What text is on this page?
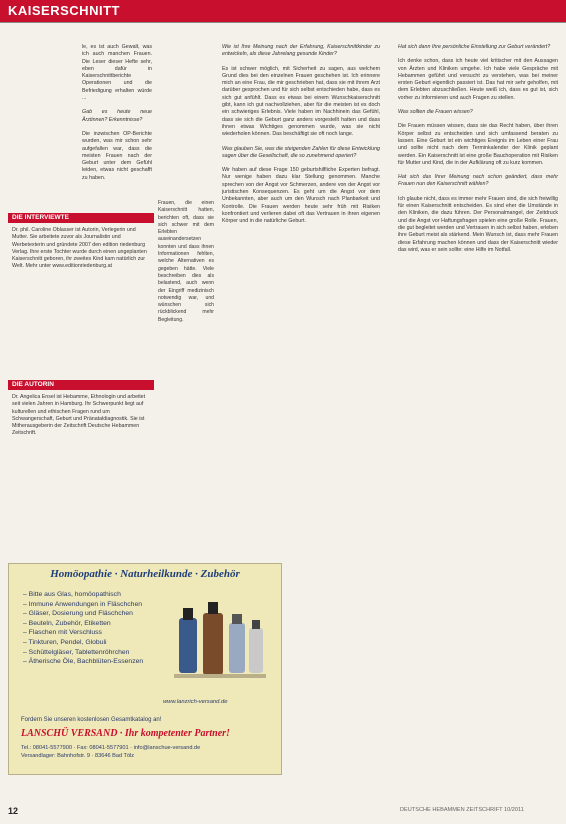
KAISERSCHNITT

le, es ist auch Gewalt, was ich auch manchen Frauen. Die Leser dieser Hefte sehr, eben dafür in Kaiserschnittberichte Operationen und die Befriedigung erhalten würde ...

Gab es heute neue Ärztinnen? Erkenntnisse?

Die inzwischen OP-Berichte wurden, was mir schon sehr aufgefallen war, dass die meisten Frauen nach der Geburt unter dem Gefühl leiden, etwas nicht geschafft zu haben.

DIE INTERVIEWTE
Dr. phil. Caroline Oblasser ist Autorin, Verlegerin und Mutter. Sie arbeitete zuvor als Journalistin und Werbetexterin und gründete 2007 den edition riedenburg Verlag. Ihre erste Tochter wurde durch einen ungeplanten Kaiserschnitt geboren, ihr zweites Kind kam natürlich zur Welt. Mehr unter www.editionriedenburg.at
DIE AUTORIN
Dr. Angelica Ensel ist Hebamme, Ethnologin und arbeitet seit vielen Jahren in Hamburg. Ihr Schwerpunkt liegt auf kulturellen und ethischen Fragen rund um Schwangerschaft, Geburt und Pränataldiagnostik. Sie ist Mitherausgeberin der Zeitschrift Deutsche Hebammen Zeitschrift.

Frauen, die einen Kaiserschnitt hatten, berichten oft, dass sie sich schwer mit dem Erlebten auseinandersetzen konnten und dass ihnen Informationen fehlten, welche Alternativen es gegeben hätte. Viele beschreiben dies als belastend, auch wenn der Eingriff medizinisch notwendig war, und wünschen sich rückblickend mehr Begleitung.

Wie ist Ihre Meinung nach der Erfahrung, Kaiserschnittkinder zu entwickeln, als diese Jahrelang gesunde Kinder?

Es ist schwer möglich, mit Sicherheit zu sagen, aus welchem Grund dies bei den einzelnen Frauen geschehen ist. Ich erinnere mich an eine Frau, die mir geschrieben hat, dass sie mit ihrem Arzt darüber gesprochen und für sich selbst entschieden habe, dass es sich gut anfühlt. Dass es etwas bei einem Wunschkaiserschnitt gibt, kann ich gut nachvollziehen, aber für die meisten ist es doch ein schwieriges Erlebnis. Viele haben im Nachhinein das Gefühl, dass sie sich die Geburt ganz anders vorgestellt hatten und dass ihnen etwas Wichtiges genommen wurde, was sie nicht wiederholen können. Das beschäftigt sie oft noch lange.

Was glauben Sie, was die steigenden Zahlen für diese Entwicklung sagen über die Gesellschaft, die so zunehmend operiert?

Wir haben auf diese Frage 150 geburtshilfliche Experten befragt. Nur wenige haben dazu klar Stellung genommen. Manche sprechen von der Angst vor Schmerzen, andere von der Angst vor juristischen Konsequenzen. Es geht um die Angst vor dem Unbekannten, aber auch um den Wunsch nach Planbarkeit und Kontrolle. Die Frauen werden heute sehr früh mit Risiken konfrontiert und verlieren dabei oft das Vertrauen in ihren eigenen Körper und in die natürliche Geburt.

Hat sich dann Ihre persönliche Einstellung zur Geburt verändert?

Ich denke schon, dass ich heute viel kritischer mit den Aussagen von Ärzten und Kliniken umgehe. Ich habe viele Gespräche mit Hebammen geführt und versucht zu verstehen, was bei meiner ersten Geburt eigentlich passiert ist. Das hat mir sehr geholfen, mit dem Erlebten abzuschließen. Heute weiß ich, dass es gut ist, sich vorher zu informieren und auch Fragen zu stellen.

Was sollten die Frauen wissen?

Die Frauen müssen wissen, dass sie das Recht haben, über ihren Körper selbst zu entscheiden und sich umfassend beraten zu lassen. Eine Geburt ist ein wichtiges Ereignis im Leben einer Frau und sollte nicht nach dem Terminkalender der Klinik geplant werden. Ein Kaiserschnitt ist eine große Bauchoperation mit Risiken für Mutter und Kind, die in der Aufklärung oft zu kurz kommen.

Hat sich das Ihrer Meinung nach schon geändert, dass mehr Frauen nun den Kaiserschnitt wählen?

Ich glaube nicht, dass es immer mehr Frauen sind, die sich freiwillig für einen Kaiserschnitt entscheiden. Es sind eher die Umstände in den Kliniken, die dazu führen. Der Personalmangel, der Zeitdruck und die Angst vor Haftungsfragen spielen eine große Rolle. Frauen, die gut begleitet werden und Vertrauen in sich selbst haben, erleben ihre Geburt meist als stärkend. Mein Wunsch ist, dass mehr Frauen diese Erfahrung machen können und dass der Kaiserschnitt wieder das wird, was er sein sollte: eine Hilfe im Notfall.

Homöopathie · Naturheilkunde · Zubehör
– Bitte aus Glas, homöopathisch
– Immune Anwendungen in Fläschchen
– Gläser, Dosierung und Fläschchen
– Beuteln, Zubehör, Etiketten
– Flaschen mit Verschluss
– Tinkturen, Pendel, Globuli
– Schüttelgläser, Tablettenröhrchen
– Ätherische Öle, Bachblüten-Essenzen
www.lanzrich-versand.de
Fordern Sie unseren kostenlosen Gesamtkatalog an!
LANSCHÜ VERSAND · Ihr kompetenter Partner!
Tel.: 08041-5577900 · Fax: 08041-5577901 · info@lanschue-versand.de
Versandlager: Bahnhofstr. 9 · 83646 Bad Tölz
12	DEUTSCHE HEBAMMEN ZEITSCHRIFT 10/2011
